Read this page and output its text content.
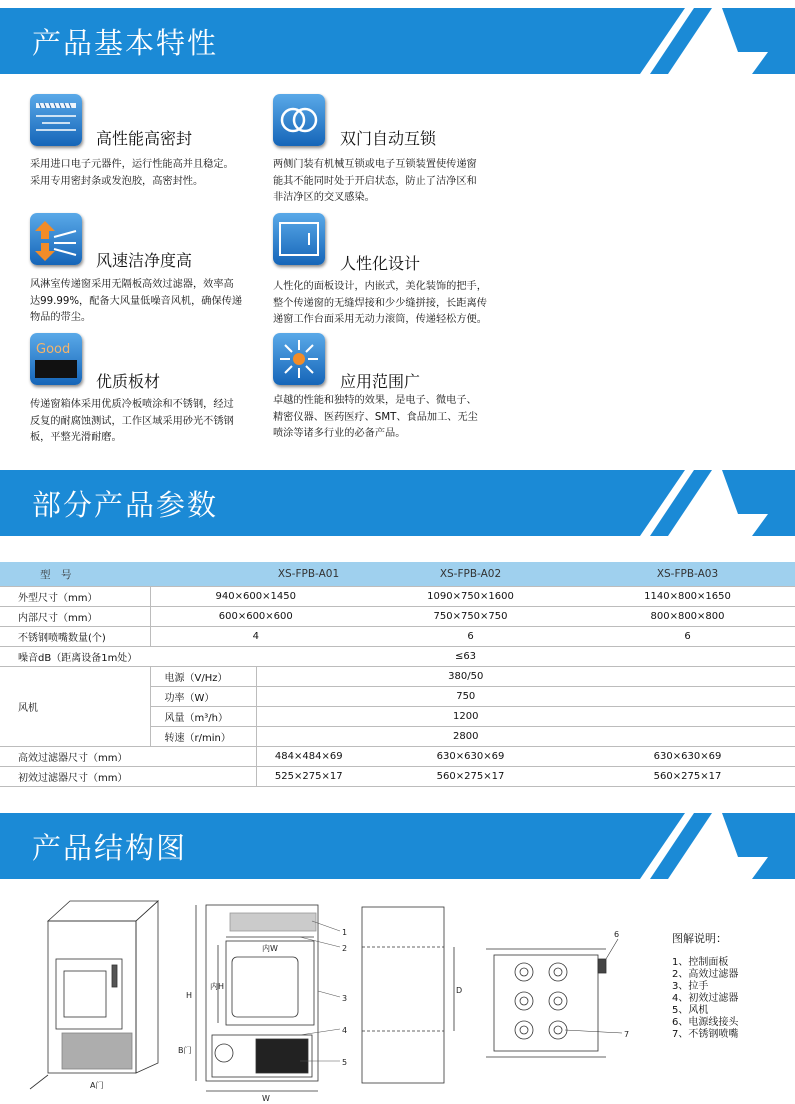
产品基本特性
高性能高密封
采用进口电子元器件，运行性能高并且稳定。
采用专用密封条或发泡胶，高密封性。
双门自动互锁
两侧门装有机械互锁或电子互锁装置使传递窗
能其不能同时处于开启状态，防止了洁净区和
非洁净区的交叉感染。
风速洁净度高
风淋室传递窗采用无隔板高效过滤器，效率高
达99.99%，配备大风量低噪音风机，确保传递
物品的带尘。
人性化设计
人性化的面板设计，内嵌式，美化装饰的把手，
整个传递窗的无缝焊接和少少缝拼接，长距离传
递窗工作台面采用无动力滚筒，传递轻松方便。
Good
优质板材
传递窗箱体采用优质冷板喷涂和不锈钢，经过
反复的耐腐蚀测试，工作区域采用砂光不锈钢
板，平整光滑耐磨。
应用范围广
卓越的性能和独特的效果，是电子、微电子、
精密仪器、医药医疗、SMT、食品加工、无尘
喷涂等诸多行业的必备产品。
部分产品参数
型　号		XS-FPB-A01	XS-FPB-A02	XS-FPB-A03
外型尺寸（mm）	940×600×1450		1090×750×1600	1140×800×1650
内部尺寸（mm）	600×600×600		750×750×750	800×800×800
不锈钢喷嘴数量(个)	4		6	6
噪音dB（距离设备1m处）		≤63		
风机	电源（V/Hz）	380/50		
	功率（W）	750		
	风量（m³/h）	1200		
	转速（r/min）	2800		
高效过滤器尺寸（mm）		484×484×69	630×630×69	630×630×69
初效过滤器尺寸（mm）		525×275×17	560×275×17	560×275×17
产品结构图
A门
B门
H
W
内W
内H
1
2
3
4
5
D
6
7
图解说明：
1、控制面板
2、高效过滤器
3、拉手
4、初效过滤器
5、风机
6、电源线接头
7、不锈钢喷嘴
